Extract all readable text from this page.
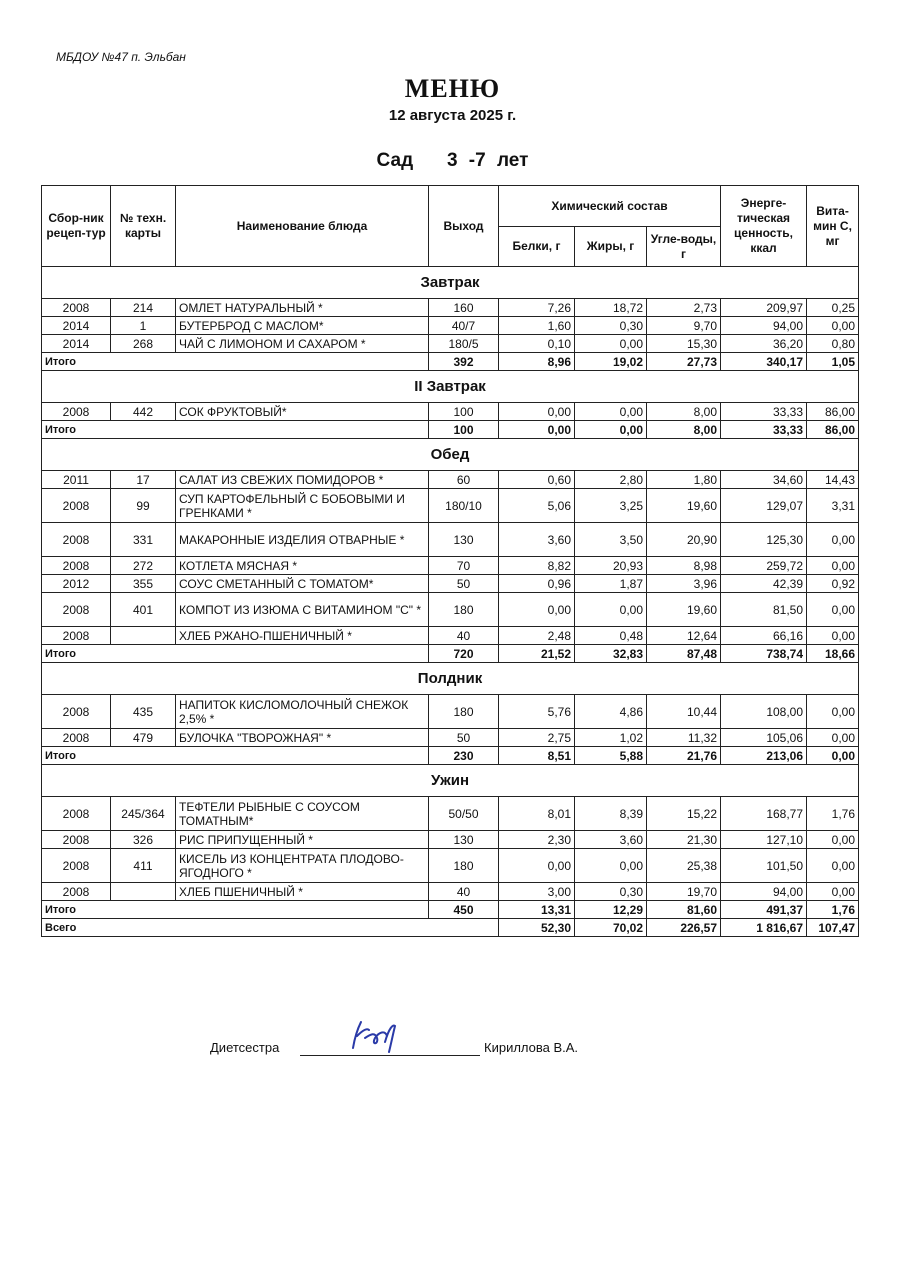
МБДОУ №47 п. Эльбан
МЕНЮ
12 августа 2025 г.
Сад   3 -7 лет
Сбор-ник рецеп-тур	№ техн. карты	Наименование блюда	Выход	Химический состав			Энерге-тическая ценность, ккал	Вита-мин С, мг
				Белки, г	Жиры, г	Угле-воды, г		
Завтрак								
2008	214	ОМЛЕТ НАТУРАЛЬНЫЙ *	160	7,26	18,72	2,73	209,97	0,25
2014	1	БУТЕРБРОД С МАСЛОМ*	40/7	1,60	0,30	9,70	94,00	0,00
2014	268	ЧАЙ С ЛИМОНОМ И САХАРОМ *	180/5	0,10	0,00	15,30	36,20	0,80
Итого			392	8,96	19,02	27,73	340,17	1,05
II Завтрак								
2008	442	СОК ФРУКТОВЫЙ*	100	0,00	0,00	8,00	33,33	86,00
Итого			100	0,00	0,00	8,00	33,33	86,00
Обед								
2011	17	САЛАТ ИЗ СВЕЖИХ ПОМИДОРОВ *	60	0,60	2,80	1,80	34,60	14,43
2008	99	СУП КАРТОФЕЛЬНЫЙ С БОБОВЫМИ И ГРЕНКАМИ *	180/10	5,06	3,25	19,60	129,07	3,31
2008	331	МАКАРОННЫЕ ИЗДЕЛИЯ ОТВАРНЫЕ *	130	3,60	3,50	20,90	125,30	0,00
2008	272	КОТЛЕТА МЯСНАЯ *	70	8,82	20,93	8,98	259,72	0,00
2012	355	СОУС СМЕТАННЫЙ С ТОМАТОМ*	50	0,96	1,87	3,96	42,39	0,92
2008	401	КОМПОТ ИЗ ИЗЮМА С ВИТАМИНОМ "С" *	180	0,00	0,00	19,60	81,50	0,00
2008		ХЛЕБ РЖАНО-ПШЕНИЧНЫЙ *	40	2,48	0,48	12,64	66,16	0,00
Итого			720	21,52	32,83	87,48	738,74	18,66
Полдник								
2008	435	НАПИТОК КИСЛОМОЛОЧНЫЙ СНЕЖОК 2,5% *	180	5,76	4,86	10,44	108,00	0,00
2008	479	БУЛОЧКА "ТВОРОЖНАЯ" *	50	2,75	1,02	11,32	105,06	0,00
Итого			230	8,51	5,88	21,76	213,06	0,00
Ужин								
2008	245/364	ТЕФТЕЛИ РЫБНЫЕ С СОУСОМ ТОМАТНЫМ*	50/50	8,01	8,39	15,22	168,77	1,76
2008	326	РИС ПРИПУЩЕННЫЙ *	130	2,30	3,60	21,30	127,10	0,00
2008	411	КИСЕЛЬ ИЗ КОНЦЕНТРАТА ПЛОДОВО-ЯГОДНОГО *	180	0,00	0,00	25,38	101,50	0,00
2008		ХЛЕБ ПШЕНИЧНЫЙ *	40	3,00	0,30	19,70	94,00	0,00
Итого			450	13,31	12,29	81,60	491,37	1,76
Всего				52,30	70,02	226,57	1 816,67	107,47
Диетсестра	Кириллова В.А.
